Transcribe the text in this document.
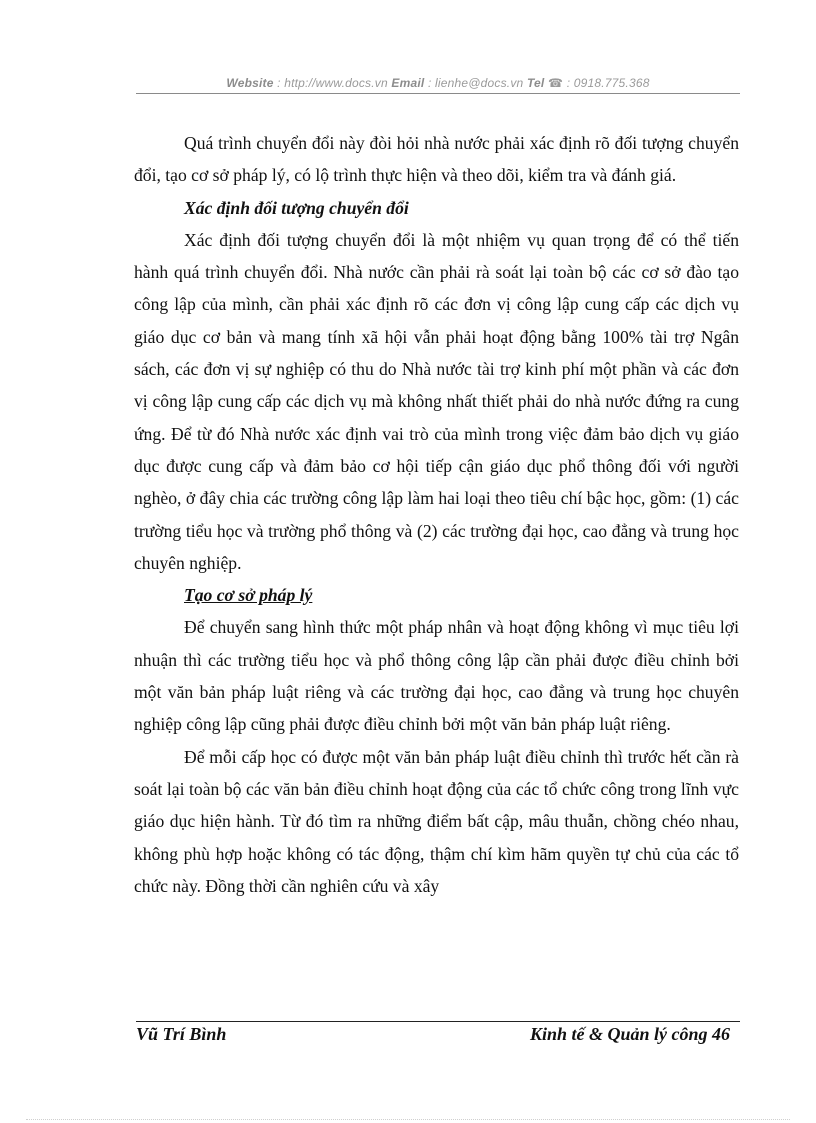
Website : http://www.docs.vn Email : lienhe@docs.vn Tel ☎ : 0918.775.368

Quá trình chuyển đổi này đòi hỏi nhà nước phải xác định rõ đối tượng chuyển đổi, tạo cơ sở pháp lý, có lộ trình thực hiện và theo dõi, kiểm tra và đánh giá.

Xác định đối tượng chuyển đổi

Xác định đối tượng chuyển đổi là một nhiệm vụ quan trọng để có thể tiến hành quá trình chuyển đổi. Nhà nước cần phải rà soát lại toàn bộ các cơ sở đào tạo công lập của mình, cần phải xác định rõ các đơn vị công lập cung cấp các dịch vụ giáo dục cơ bản và mang tính xã hội vẫn phải hoạt động bằng 100% tài trợ Ngân sách, các đơn vị sự nghiệp có thu do Nhà nước tài trợ kinh phí một phần và các đơn vị công lập cung cấp các dịch vụ mà không nhất thiết phải do nhà nước đứng ra cung ứng. Để từ đó Nhà nước xác định vai trò của mình trong việc đảm bảo dịch vụ giáo dục được cung cấp và đảm bảo cơ hội tiếp cận giáo dục phổ thông đối với người nghèo, ở đây chia các trường công lập làm hai loại theo tiêu chí bậc học, gồm: (1) các trường tiểu học và trường phổ thông và (2) các trường đại học, cao đẳng và trung học chuyên nghiệp.

Tạo cơ sở pháp lý

Để chuyển sang hình thức một pháp nhân và hoạt động không vì mục tiêu lợi nhuận thì các trường tiểu học và phổ thông công lập cần phải được điều chỉnh bởi một văn bản pháp luật riêng và các trường đại học, cao đẳng và trung học chuyên nghiệp công lập cũng phải được điều chỉnh bởi một văn bản pháp luật riêng.

Để mỗi cấp học có được một văn bản pháp luật điều chỉnh thì trước hết cần rà soát lại toàn bộ các văn bản điều chỉnh hoạt động của các tổ chức công trong lĩnh vực giáo dục hiện hành. Từ đó tìm ra những điểm bất cập, mâu thuẫn, chồng chéo nhau, không phù hợp hoặc không có tác động, thậm chí kìm hãm quyền tự chủ của các tổ chức này. Đồng thời cần nghiên cứu và xây

Vũ Trí Bình	Kinh tế & Quản lý công 46
